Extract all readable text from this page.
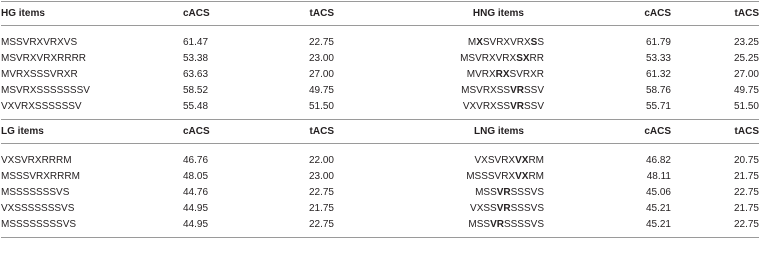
HG items	cACS	tACS	HNG items	cACS	tACS

MSSVRXVRXVS	61.47	22.75	MXSVRXVRXSS	61.79	23.25
MSVRXVRXRRRR	53.38	23.00	MSVRXVRXSXRR	53.33	25.25
MVRXSSSVRXR	63.63	27.00	MVRXRXSVRXR	61.32	27.00
MSVRXSSSSSSSV	58.52	49.75	MSVRXSSVRSSV	58.76	49.75
VXVRXSSSSSSV	55.48	51.50	VXVRXSSVRSSV	55.71	51.50

LG items	cACS	tACS	LNG items	cACS	tACS

VXSVRXRRRM	46.76	22.00	VXSVRXVXRM	46.82	20.75
MSSSVRXRRRM	48.05	23.00	MSSSVRXVXRM	48.11	21.75
MSSSSSSSVS	44.76	22.75	MSSVRSSSVS	45.06	22.75
VXSSSSSSSVS	44.95	21.75	VXSSVRSSSVS	45.21	21.75
MSSSSSSSSVS	44.95	22.75	MSSVRSSSSVS	45.21	22.75
